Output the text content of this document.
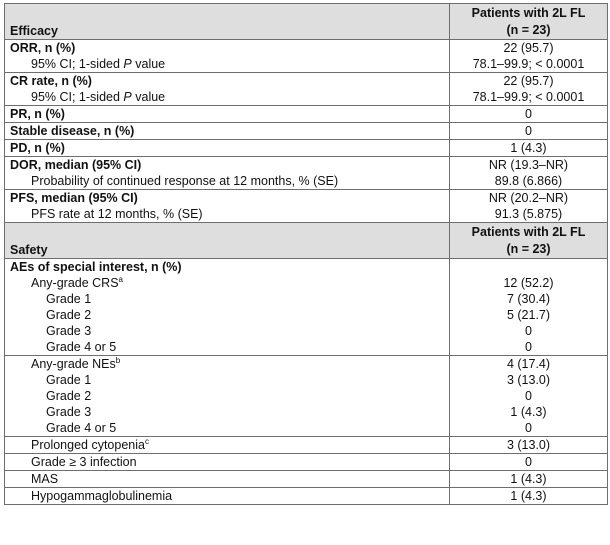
Efficacy	Patients with 2L FL
(n = 23)

ORR, n (%)	22 (95.7)
95% CI; 1-sided P value	78.1–99.9; < 0.0001
CR rate, n (%)	22 (95.7)
95% CI; 1-sided P value	78.1–99.9; < 0.0001
PR, n (%)	0
Stable disease, n (%)	0
PD, n (%)	1 (4.3)
DOR, median (95% CI)	NR (19.3–NR)
Probability of continued response at 12 months, % (SE)	89.8 (6.866)
PFS, median (95% CI)	NR (20.2–NR)
PFS rate at 12 months, % (SE)	91.3 (5.875)
Safety	Patients with 2L FL
(n = 23)

AEs of special interest, n (%)	
Any-grade CRS$^a$	12 (52.2)
Grade 1	7 (30.4)
Grade 2	5 (21.7)
Grade 3	0
Grade 4 or 5	0
Any-grade NEs$^b$	4 (17.4)
Grade 1	3 (13.0)
Grade 2	0
Grade 3	1 (4.3)
Grade 4 or 5	0
Prolonged cytopenia$^c$	3 (13.0)
Grade ≥ 3 infection	0
MAS	1 (4.3)
Hypogammaglobulinemia	1 (4.3)
